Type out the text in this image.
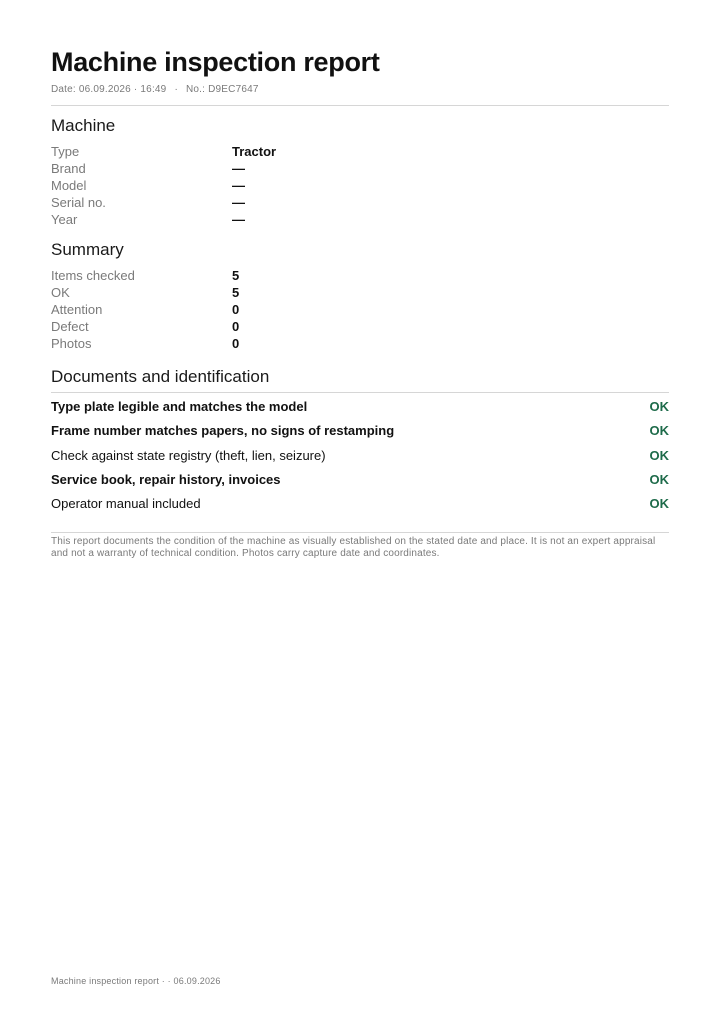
Machine inspection report
Date: 06.09.2026 · 16:49 · No.: D9EC7647
Machine
Type	Tractor
Brand	—
Model	—
Serial no.	—
Year	—
Summary
Items checked	5
OK	5
Attention	0
Defect	0
Photos	0
Documents and identification
Type plate legible and matches the model	OK
Frame number matches papers, no signs of restamping	OK
Check against state registry (theft, lien, seizure)	OK
Service book, repair history, invoices	OK
Operator manual included	OK

This report documents the condition of the machine as visually established on the stated date and place. It is not an expert appraisal and not a warranty of technical condition. Photos carry capture date and coordinates.

Machine inspection report · · 06.09.2026
